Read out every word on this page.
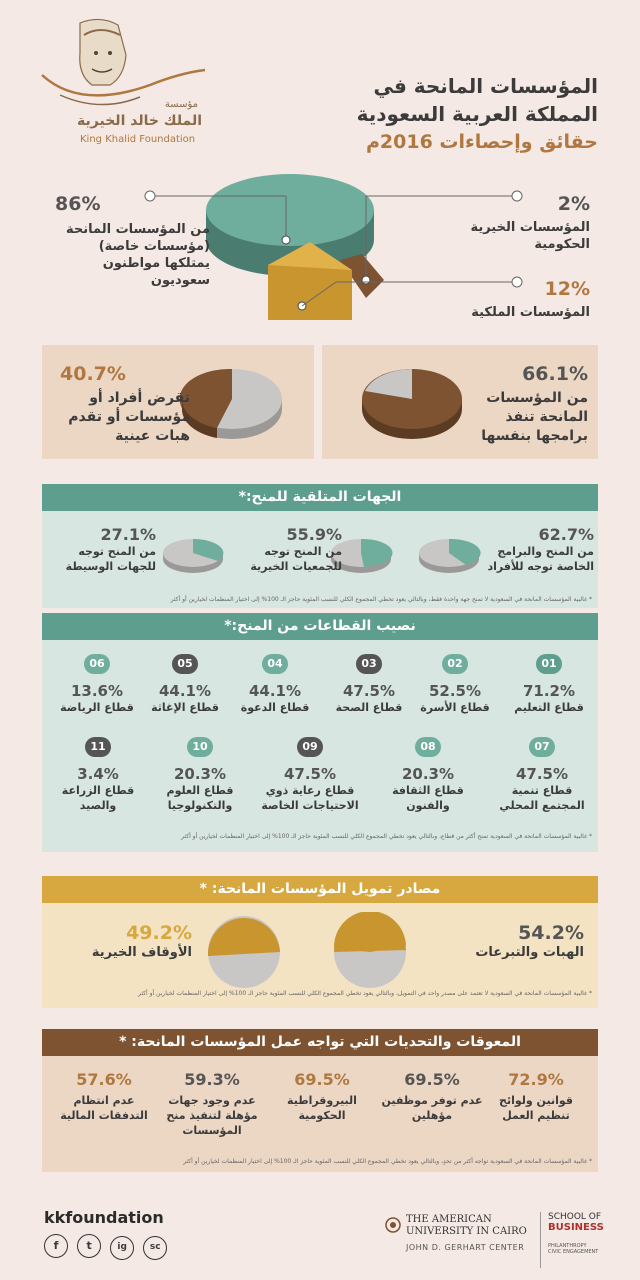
مؤسسة
الملك خالد الخيرية
King Khalid Foundation
المؤسسات المانحة في
المملكة العربية السعودية
حقائق وإحصاءات 2016م
86%
من المؤسسات المانحة (مؤسسات خاصة) يمتلكها مواطنون سعوديون
2%
المؤسسات الخيرية الحكومية
12%
المؤسسات الملكية
40.7%
تقرض أفراد أو مؤسسات أو تقدم هبات عينية
66.1%
من المؤسسات المانحة تنفذ برامجها بنفسها
الجهات المتلقية للمنح:*
62.7%
من المنح والبرامج الخاصة توجه للأفراد
55.9%
من المنح توجه للجمعيات الخيرية
27.1%
من المنح توجه للجهات الوسيطة
* غالبية المؤسسات المانحة في السعودية لا تمنح جهة واحدة فقط، وبالتالي يعود تخطي المجموع الكلي للنسب المئوية حاجز الـ 100% إلى اختيار المنظمات لخيارين أو أكثر
نصيب القطاعات من المنح:*
01
71.2%
قطاع التعليم
02
52.5%
قطاع الأسرة
03
47.5%
قطاع الصحة
04
44.1%
قطاع الدعوة
05
44.1%
قطاع الإغاثة
06
13.6%
قطاع الرياضة
07
47.5%
قطاع تنمية المجتمع المحلي
08
20.3%
قطاع الثقافة والفنون
09
47.5%
قطاع رعاية ذوي الاحتياجات الخاصة
10
20.3%
قطاع العلوم والتكنولوجيا
11
3.4%
قطاع الزراعة والصيد
* غالبية المؤسسات المانحة في السعودية تمنح أكثر من قطاع، وبالتالي يعود تخطي المجموع الكلي للنسب المئوية حاجز الـ 100% إلى اختيار المنظمات لخيارين أو أكثر
مصادر تمويل المؤسسات المانحة: *
54.2%
الهبات والتبرعات
49.2%
الأوقاف الخيرية
* غالبية المؤسسات المانحة في السعودية لا تعتمد على مصدر واحد في التمويل، وبالتالي يعود تخطي المجموع الكلي للنسب المئوية حاجز الـ 100% إلى اختيار المنظمات لخيارين أو أكثر
المعوقات والتحديات التي تواجه عمل المؤسسات المانحة: *
72.9%
قوانين ولوائح تنظيم العمل
69.5%
عدم توفر موظفين مؤهلين
69.5%
البيروقراطية الحكومية
59.3%
عدم وجود جهات مؤهلة لتنفيذ منح المؤسسات
57.6%
عدم انتظام التدفقات المالية
* غالبية المؤسسات المانحة في السعودية تواجه أكثر من تحدٍ، وبالتالي يعود تخطي المجموع الكلي للنسب المئوية حاجز الـ 100% إلى اختيار المنظمات لخيارين أو أكثر
kkfoundation
f	t	ig	sc
THE AMERICAN
UNIVERSITY IN CAIRO
JOHN D. GERHART CENTER
SCHOOL OF
BUSINESS
PHILANTHROPY
CIVIC ENGAGEMENT
